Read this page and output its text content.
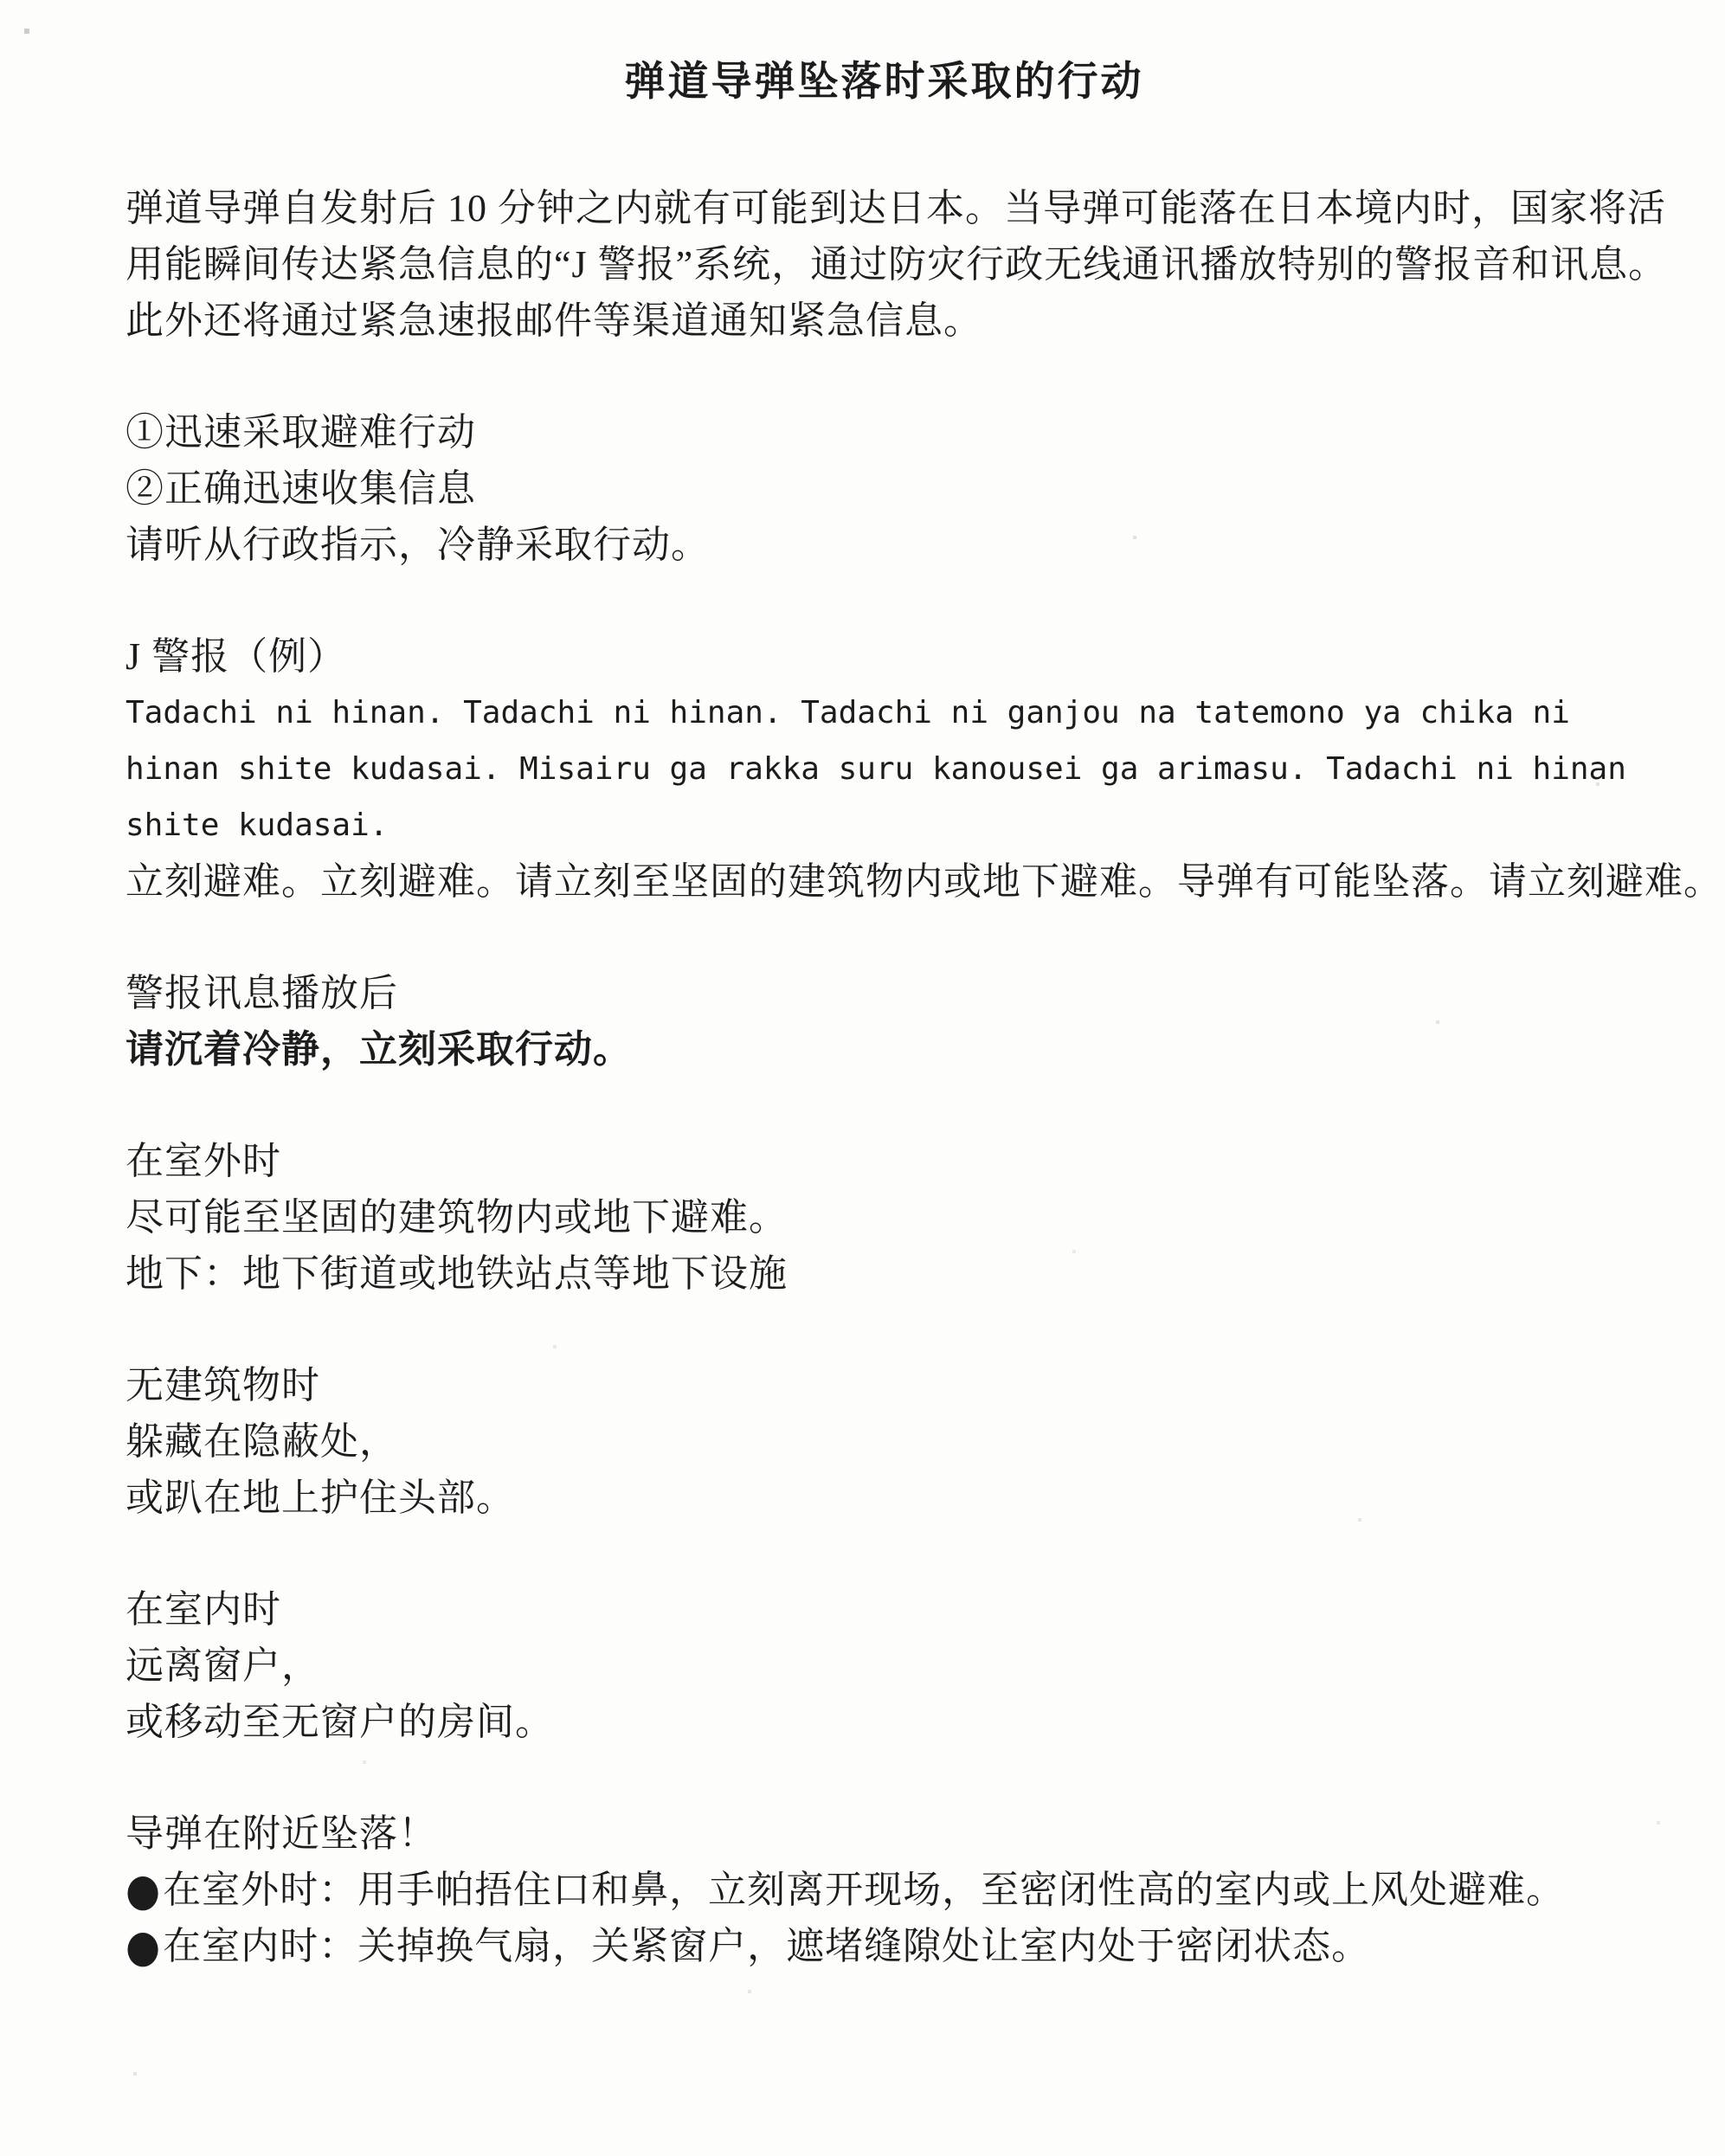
弹道导弹坠落时采取的行动
弹道导弹自发射后 10 分钟之内就有可能到达日本。当导弹可能落在日本境内时，国家将活
用能瞬间传达紧急信息的“J 警报”系统，通过防灾行政无线通讯播放特别的警报音和讯息。
此外还将通过紧急速报邮件等渠道通知紧急信息。
①迅速采取避难行动
②正确迅速收集信息
请听从行政指示，冷静采取行动。
J 警报（例）
Tadachi ni hinan. Tadachi ni hinan. Tadachi ni ganjou na tatemono ya chika ni
hinan shite kudasai. Misairu ga rakka suru kanousei ga arimasu. Tadachi ni hinan
shite kudasai.
立刻避难。立刻避难。请立刻至坚固的建筑物内或地下避难。导弹有可能坠落。请立刻避难。
警报讯息播放后
请沉着冷静，立刻采取行动。
在室外时
尽可能至坚固的建筑物内或地下避难。
地下：地下街道或地铁站点等地下设施
无建筑物时
躲藏在隐蔽处，
或趴在地上护住头部。
在室内时
远离窗户，
或移动至无窗户的房间。
导弹在附近坠落！
● 在室外时：用手帕捂住口和鼻，立刻离开现场，至密闭性高的室内或上风处避难。
● 在室内时：关掉换气扇，关紧窗户，遮堵缝隙处让室内处于密闭状态。
